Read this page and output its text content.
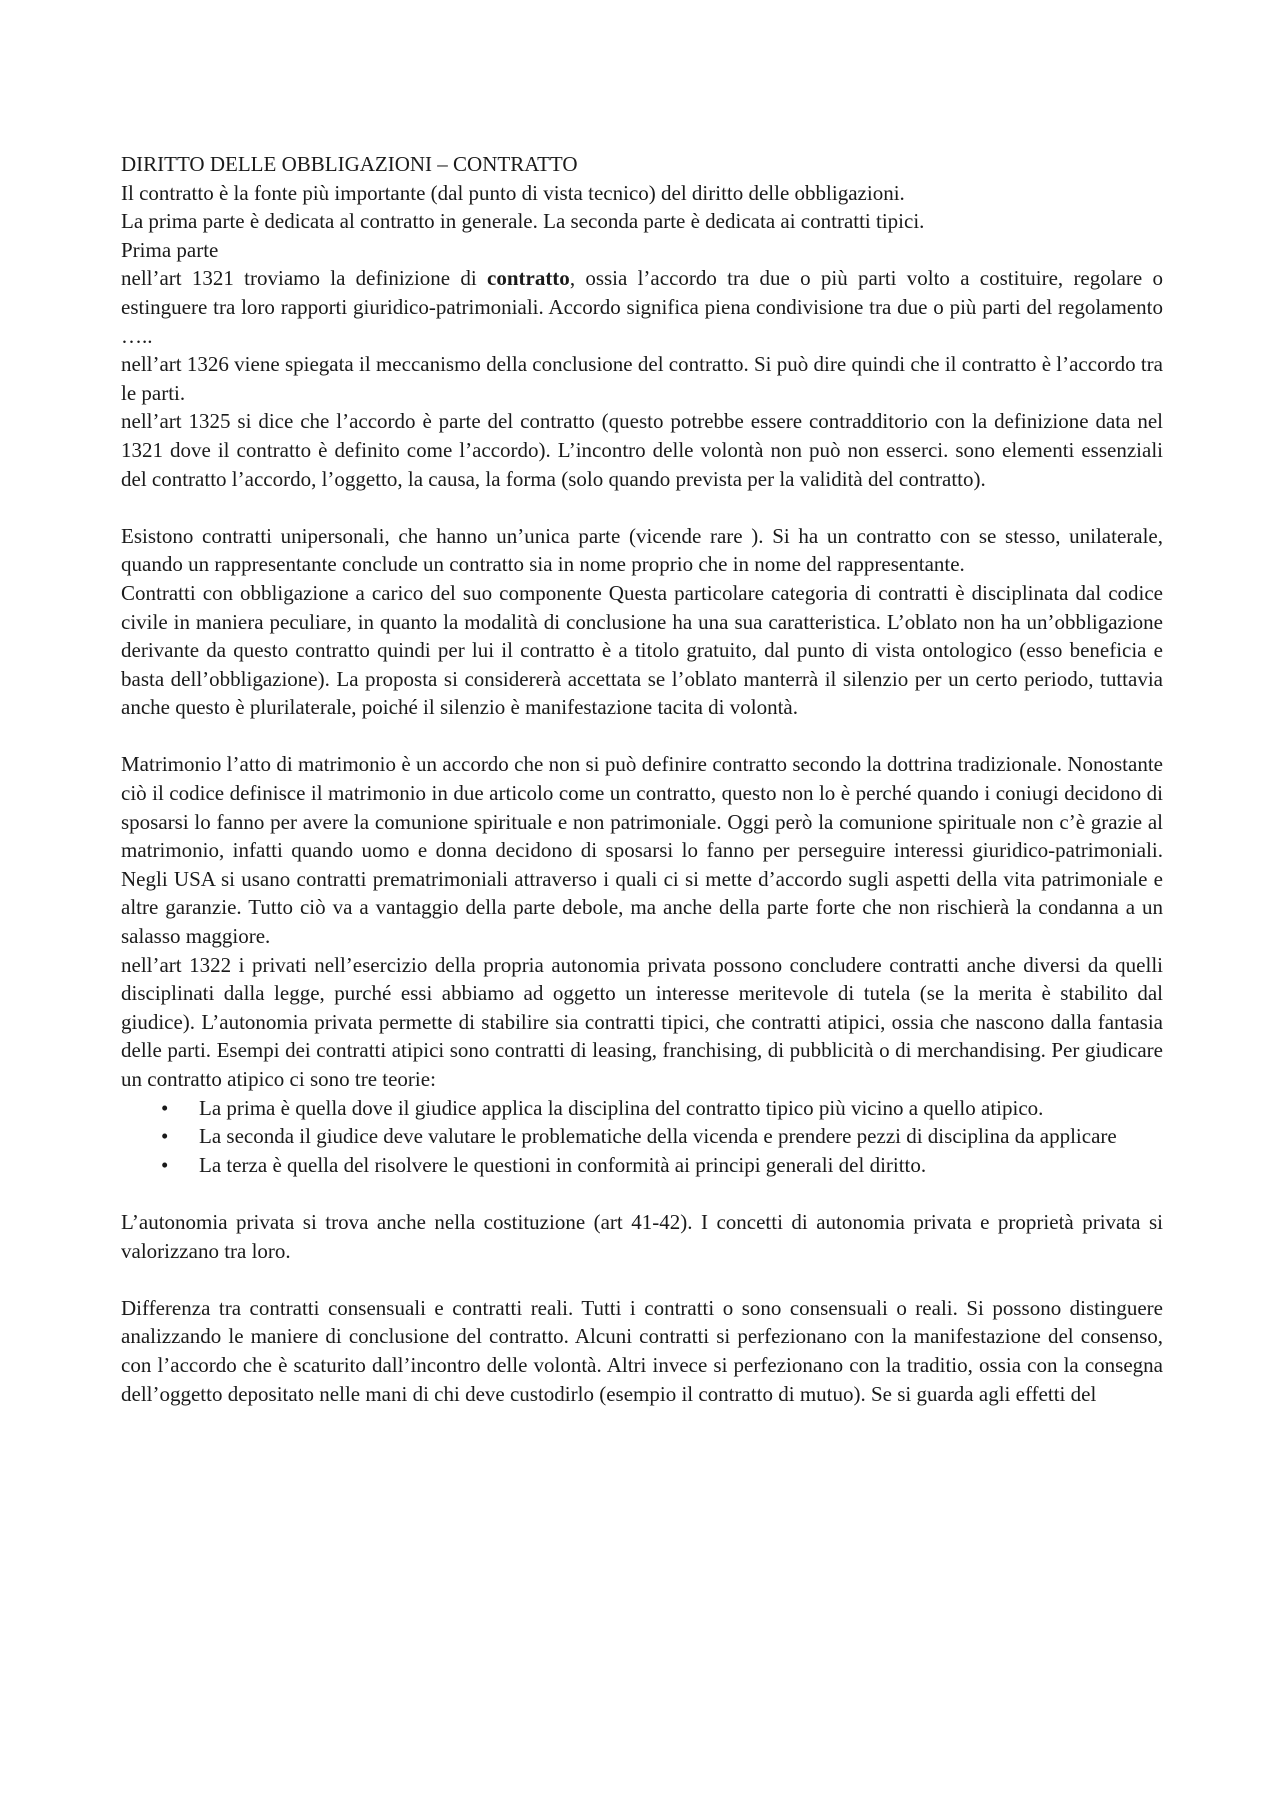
DIRITTO DELLE OBBLIGAZIONI – CONTRATTO

Il contratto è la fonte più importante (dal punto di vista tecnico) del diritto delle obbligazioni.

La prima parte è dedicata al contratto in generale. La seconda parte è dedicata ai contratti tipici.

Prima parte

nell’art 1321 troviamo la definizione di contratto, ossia l’accordo tra due o più parti volto a costituire, regolare o estinguere tra loro rapporti giuridico-patrimoniali. Accordo significa piena condivisione tra due o più parti del regolamento …..

nell’art 1326 viene spiegata il meccanismo della conclusione del contratto. Si può dire quindi che il contratto è l’accordo tra le parti.

nell’art 1325 si dice che l’accordo è parte del contratto (questo potrebbe essere contradditorio con la definizione data nel 1321 dove il contratto è definito come l’accordo). L’incontro delle volontà non può non esserci. sono elementi essenziali del contratto l’accordo, l’oggetto, la causa, la forma (solo quando prevista per la validità del contratto).

Esistono contratti unipersonali, che hanno un’unica parte (vicende rare ). Si ha un contratto con se stesso, unilaterale, quando un rappresentante conclude un contratto sia in nome proprio che in nome del rappresentante.

Contratti con obbligazione a carico del suo componente Questa particolare categoria di contratti è disciplinata dal codice civile in maniera peculiare, in quanto la modalità di conclusione ha una sua caratteristica. L’oblato non ha un’obbligazione derivante da questo contratto quindi per lui il contratto è a titolo gratuito, dal punto di vista ontologico (esso beneficia e basta dell’obbligazione). La proposta si considererà accettata se l’oblato manterrà il silenzio per un certo periodo, tuttavia anche questo è plurilaterale, poiché il silenzio è manifestazione tacita di volontà.

Matrimonio l’atto di matrimonio è un accordo che non si può definire contratto secondo la dottrina tradizionale. Nonostante ciò il codice definisce il matrimonio in due articolo come un contratto, questo non lo è perché quando i coniugi decidono di sposarsi lo fanno per avere la comunione spirituale e non patrimoniale. Oggi però la comunione spirituale non c’è grazie al matrimonio, infatti quando uomo e donna decidono di sposarsi lo fanno per perseguire interessi giuridico-patrimoniali. Negli USA si usano contratti prematrimoniali attraverso i quali ci si mette d’accordo sugli aspetti della vita patrimoniale e altre garanzie. Tutto ciò va a vantaggio della parte debole, ma anche della parte forte che non rischierà la condanna a un salasso maggiore.

nell’art 1322 i privati nell’esercizio della propria autonomia privata possono concludere contratti anche diversi da quelli disciplinati dalla legge, purché essi abbiamo ad oggetto un interesse meritevole di tutela (se la merita è stabilito dal giudice). L’autonomia privata permette di stabilire sia contratti tipici, che contratti atipici, ossia che nascono dalla fantasia delle parti. Esempi dei contratti atipici sono contratti di leasing, franchising, di pubblicità o di merchandising. Per giudicare un contratto atipico ci sono tre teorie:

• La prima è quella dove il giudice applica la disciplina del contratto tipico più vicino a quello atipico.
• La seconda il giudice deve valutare le problematiche della vicenda e prendere pezzi di disciplina da applicare
• La terza è quella del risolvere le questioni in conformità ai principi generali del diritto.

L’autonomia privata si trova anche nella costituzione (art 41-42). I concetti di autonomia privata e proprietà privata si valorizzano tra loro.

Differenza tra contratti consensuali e contratti reali. Tutti i contratti o sono consensuali o reali. Si possono distinguere analizzando le maniere di conclusione del contratto. Alcuni contratti si perfezionano con la manifestazione del consenso, con l’accordo che è scaturito dall’incontro delle volontà. Altri invece si perfezionano con la traditio, ossia con la consegna dell’oggetto depositato nelle mani di chi deve custodirlo (esempio il contratto di mutuo). Se si guarda agli effetti del
